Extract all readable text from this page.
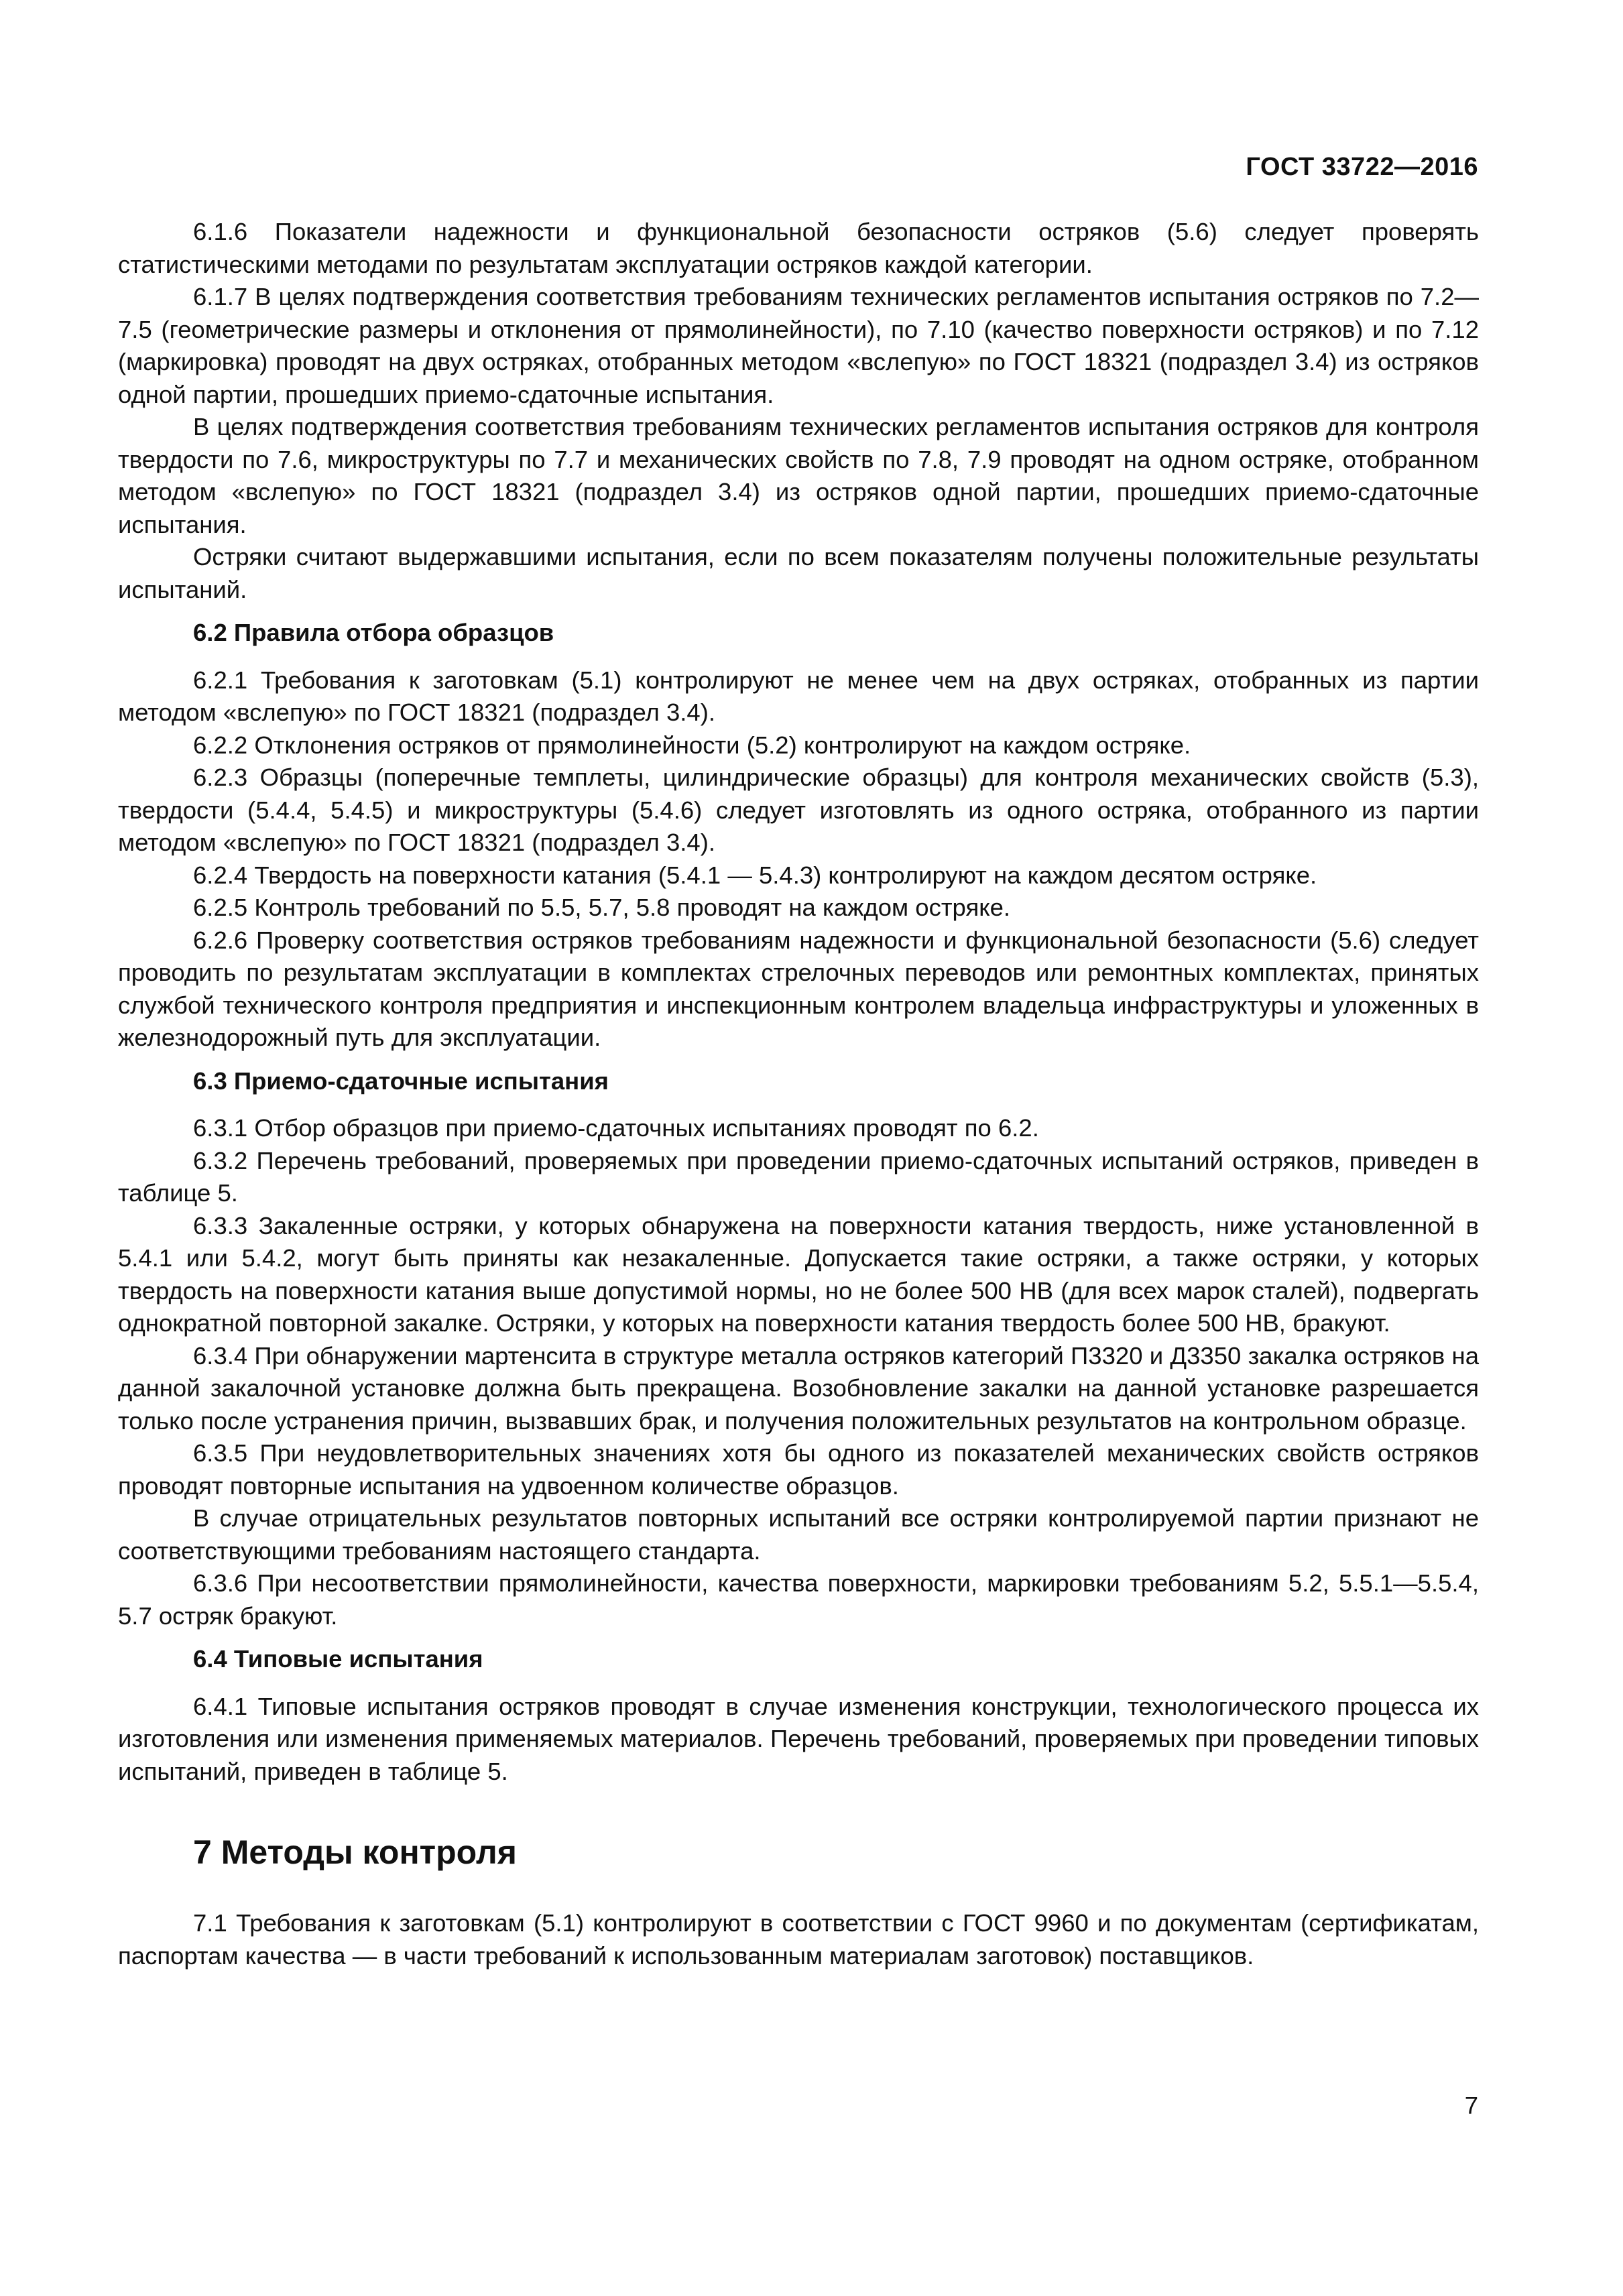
ГОСТ 33722—2016

6.1.6 Показатели надежности и функциональной безопасности остряков (5.6) следует проверять статистическими методами по результатам эксплуатации остряков каждой категории.

6.1.7 В целях подтверждения соответствия требованиям технических регламентов испытания остряков по 7.2—7.5 (геометрические размеры и отклонения от прямолинейности), по 7.10 (качество поверхности остряков) и по 7.12 (маркировка) проводят на двух остряках, отобранных методом «вслепую» по ГОСТ 18321 (подраздел 3.4) из остряков одной партии, прошедших приемо-сдаточные испытания.

В целях подтверждения соответствия требованиям технических регламентов испытания остряков для контроля твердости по 7.6, микроструктуры по 7.7 и механических свойств по 7.8, 7.9 проводят на одном остряке, отобранном методом «вслепую» по ГОСТ 18321 (подраздел 3.4) из остряков одной партии, прошедших приемо-сдаточные испытания.

Остряки считают выдержавшими испытания, если по всем показателям получены положительные результаты испытаний.

6.2 Правила отбора образцов

6.2.1 Требования к заготовкам (5.1) контролируют не менее чем на двух остряках, отобранных из партии методом «вслепую» по ГОСТ 18321 (подраздел 3.4).

6.2.2 Отклонения остряков от прямолинейности (5.2) контролируют на каждом остряке.

6.2.3 Образцы (поперечные темплеты, цилиндрические образцы) для контроля механических свойств (5.3), твердости (5.4.4, 5.4.5) и микроструктуры (5.4.6) следует изготовлять из одного остряка, отобранного из партии методом «вслепую» по ГОСТ 18321 (подраздел 3.4).

6.2.4 Твердость на поверхности катания (5.4.1 — 5.4.3) контролируют на каждом десятом остряке.

6.2.5 Контроль требований по 5.5, 5.7, 5.8 проводят на каждом остряке.

6.2.6 Проверку соответствия остряков требованиям надежности и функциональной безопасности (5.6) следует проводить по результатам эксплуатации в комплектах стрелочных переводов или ремонтных комплектах, принятых службой технического контроля предприятия и инспекционным контролем владельца инфраструктуры и уложенных в железнодорожный путь для эксплуатации.

6.3 Приемо-сдаточные испытания

6.3.1 Отбор образцов при приемо-сдаточных испытаниях проводят по 6.2.

6.3.2 Перечень требований, проверяемых при проведении приемо-сдаточных испытаний остряков, приведен в таблице 5.

6.3.3 Закаленные остряки, у которых обнаружена на поверхности катания твердость, ниже установленной в 5.4.1 или 5.4.2, могут быть приняты как незакаленные. Допускается такие остряки, а также остряки, у которых твердость на поверхности катания выше допустимой нормы, но не более 500 НВ (для всех марок сталей), подвергать однократной повторной закалке. Остряки, у которых на поверхности катания твердость более 500 НВ, бракуют.

6.3.4 При обнаружении мартенсита в структуре металла остряков категорий П3320 и Д3350 закалка остряков на данной закалочной установке должна быть прекращена. Возобновление закалки на данной установке разрешается только после устранения причин, вызвавших брак, и получения положительных результатов на контрольном образце.

6.3.5 При неудовлетворительных значениях хотя бы одного из показателей механических свойств остряков проводят повторные испытания на удвоенном количестве образцов.

В случае отрицательных результатов повторных испытаний все остряки контролируемой партии признают не соответствующими требованиям настоящего стандарта.

6.3.6 При несоответствии прямолинейности, качества поверхности, маркировки требованиям 5.2, 5.5.1—5.5.4, 5.7 остряк бракуют.

6.4 Типовые испытания

6.4.1 Типовые испытания остряков проводят в случае изменения конструкции, технологического процесса их изготовления или изменения применяемых материалов. Перечень требований, проверяемых при проведении типовых испытаний, приведен в таблице 5.

7 Методы контроля

7.1 Требования к заготовкам (5.1) контролируют в соответствии с ГОСТ 9960 и по документам (сертификатам, паспортам качества — в части требований к использованным материалам заготовок) поставщиков.

7
